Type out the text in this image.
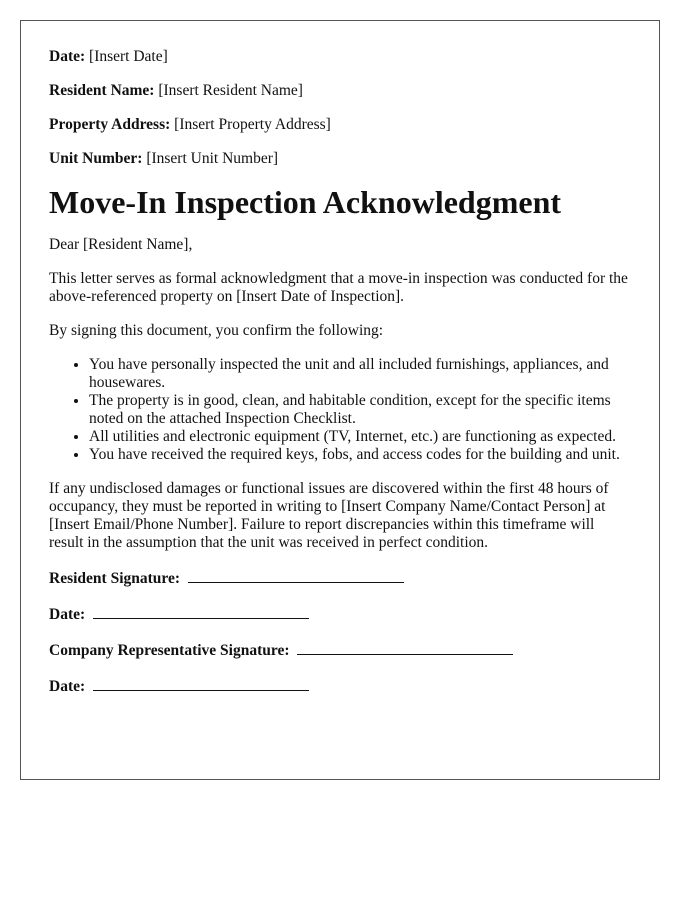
Date: [Insert Date]
Resident Name: [Insert Resident Name]
Property Address: [Insert Property Address]
Unit Number: [Insert Unit Number]
Move-In Inspection Acknowledgment

Dear [Resident Name],

This letter serves as formal acknowledgment that a move-in inspection was conducted for the above-referenced property on [Insert Date of Inspection].

By signing this document, you confirm the following:

• You have personally inspected the unit and all included furnishings, appliances, and housewares.
• The property is in good, clean, and habitable condition, except for the specific items noted on the attached Inspection Checklist.
• All utilities and electronic equipment (TV, Internet, etc.) are functioning as expected.
• You have received the required keys, fobs, and access codes for the building and unit.

If any undisclosed damages or functional issues are discovered within the first 48 hours of occupancy, they must be reported in writing to [Insert Company Name/Contact Person] at [Insert Email/Phone Number]. Failure to report discrepancies within this timeframe will result in the assumption that the unit was received in perfect condition.

Resident Signature:
Date:
Company Representative Signature:
Date:
